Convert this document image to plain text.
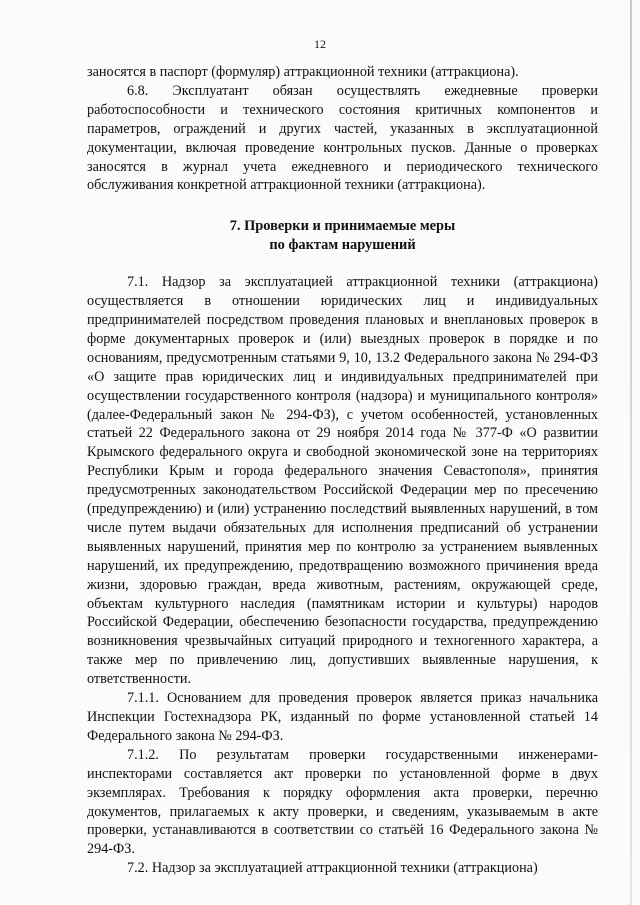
12

заносятся в паспорт (формуляр) аттракционной техники (аттракциона).

6.8. Эксплуатант обязан осуществлять ежедневные проверки работоспособности и технического состояния критичных компонентов и параметров, ограждений и других частей, указанных в эксплуатационной документации, включая проведение контрольных пусков. Данные о проверках заносятся в журнал учета ежедневного и периодического технического обслуживания конкретной аттракционной техники (аттракциона).

7. Проверки и принимаемые меры
по фактам нарушений

7.1. Надзор за эксплуатацией аттракционной техники (аттракциона) осуществляется в отношении юридических лиц и индивидуальных предпринимателей посредством проведения плановых и внеплановых проверок в форме документарных проверок и (или) выездных проверок в порядке и по основаниям, предусмотренным статьями 9, 10, 13.2 Федерального закона № 294-ФЗ «О защите прав юридических лиц и индивидуальных предпринимателей при осуществлении государственного контроля (надзора) и муниципального контроля» (далее-Федеральный закон № 294-ФЗ), с учетом особенностей, установленных статьей 22 Федерального закона от 29 ноября 2014 года № 377-Ф «О развитии Крымского федерального округа и свободной экономической зоне на территориях Республики Крым и города федерального значения Севастополя», принятия предусмотренных законодательством Российской Федерации мер по пресечению (предупреждению) и (или) устранению последствий выявленных нарушений, в том числе путем выдачи обязательных для исполнения предписаний об устранении выявленных нарушений, принятия мер по контролю за устранением выявленных нарушений, их предупреждению, предотвращению возможного причинения вреда жизни, здоровью граждан, вреда животным, растениям, окружающей среде, объектам культурного наследия (памятникам истории и культуры) народов Российской Федерации, обеспечению безопасности государства, предупреждению возникновения чрезвычайных ситуаций природного и техногенного характера, а также мер по привлечению лиц, допустивших выявленные нарушения, к ответственности.

7.1.1. Основанием для проведения проверок является приказ начальника Инспекции Гостехнадзора РК, изданный по форме установленной статьей 14 Федерального закона № 294-ФЗ.

7.1.2. По результатам проверки государственными инженерами-инспекторами составляется акт проверки по установленной форме в двух экземплярах. Требования к порядку оформления акта проверки, перечню документов, прилагаемых к акту проверки, и сведениям, указываемым в акте проверки, устанавливаются в соответствии со статьёй 16 Федерального закона № 294-ФЗ.

7.2. Надзор за эксплуатацией аттракционной техники (аттракциона)
